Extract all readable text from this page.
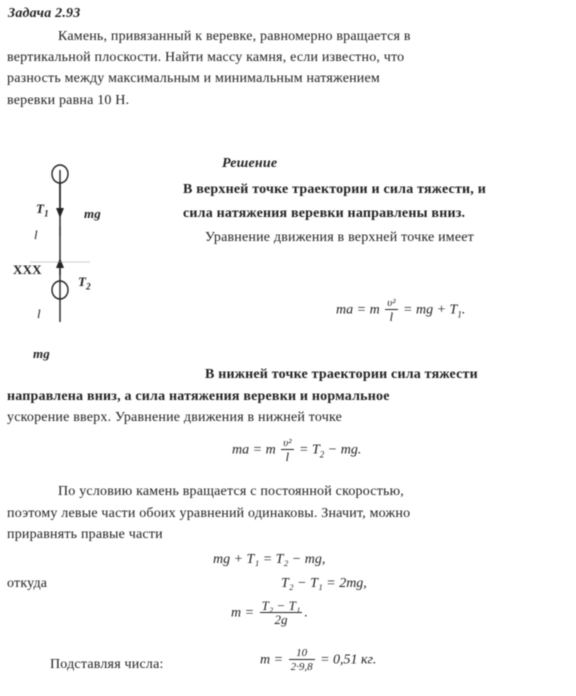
Задача 2.93
Камень, привязанный к веревке, равномерно вращается в
вертикальной плоскости. Найти массу камня, если известно, что
разность между максимальным и минимальным натяжением
веревки равна 10 Н.
$T_1$	mg
l
XXX
$T_2$
l
mg
Решение
В верхней точке траектории и сила тяжести, и
сила натяжения веревки направлены вниз.
Уравнение движения в верхней точке имеет
ma = m $\frac{\text{υ²}}{l}$ = mg + $T_1$.
В нижней точке траектории сила тяжести
направлена вниз, а сила натяжения веревки и нормальное
ускорение вверх. Уравнение движения в нижней точке
ma = m $\frac{\text{υ²}}{l} = T_2$ − mg.
По условию камень вращается с постоянной скоростью,
поэтому левые части обоих уравнений одинаковы. Значит, можно
приравнять правые части
mg + T₁ = T₂ − mg,
откуда	T₂ − T₁ = 2mg,
$m = \frac{\text{T₂ − T₁}}{2g}$ .
Подставляя числа:	$m = \frac{10}{2\cdot 9,8} = 0,51$ кг.
